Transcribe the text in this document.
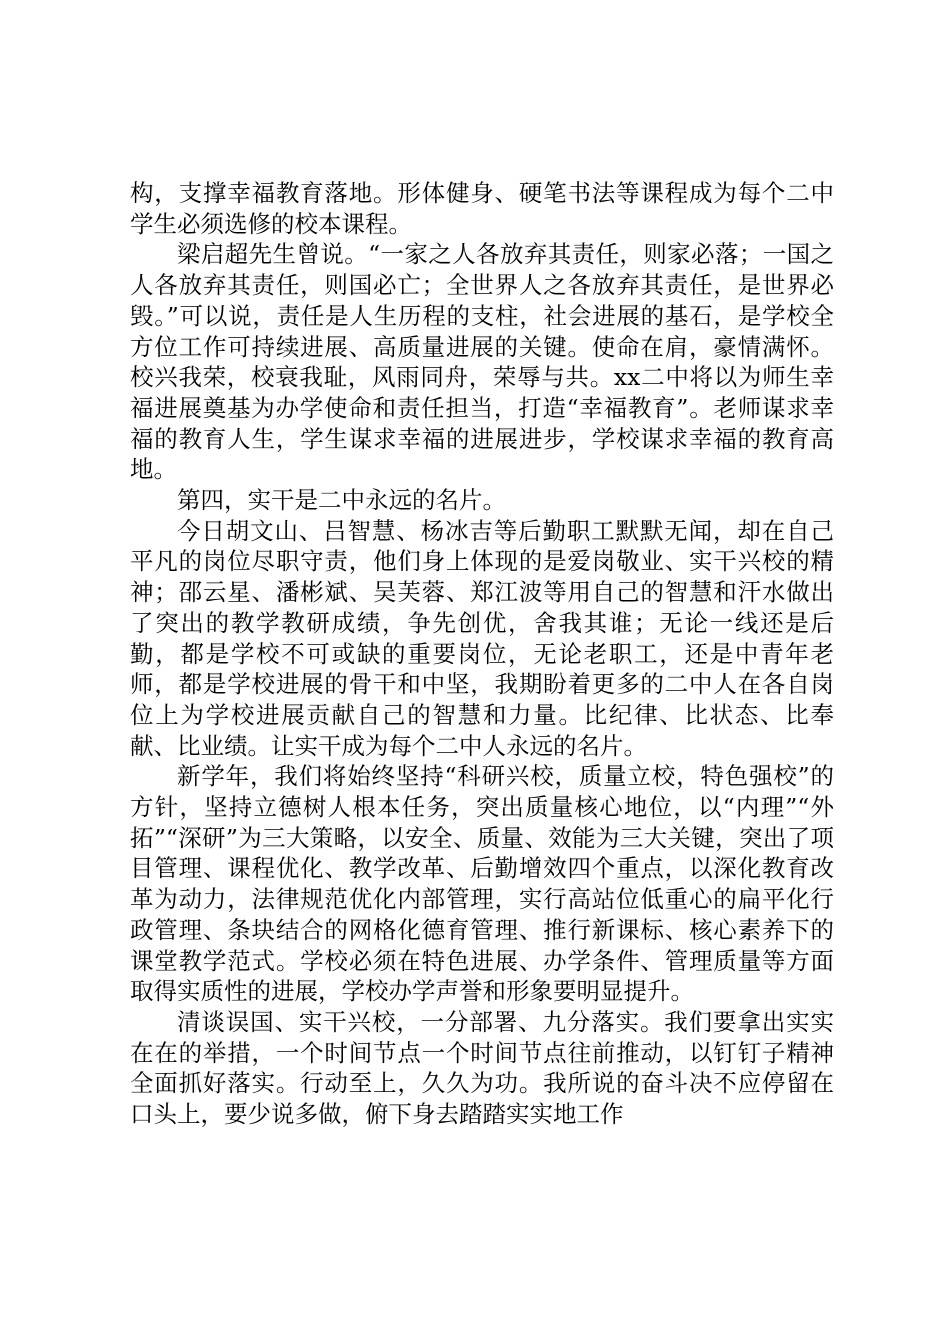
构，支撑幸福教育落地。形体健身、硬笔书法等课程成为每个二中学生必须选修的校本课程。

梁启超先生曾说。“一家之人各放弃其责任，则家必落；一国之人各放弃其责任，则国必亡；全世界人之各放弃其责任，是世界必毁。”可以说，责任是人生历程的支柱，社会进展的基石，是学校全方位工作可持续进展、高质量进展的关键。使命在肩，豪情满怀。校兴我荣，校衰我耻，风雨同舟，荣辱与共。xx二中将以为师生幸福进展奠基为办学使命和责任担当，打造“幸福教育”。老师谋求幸福的教育人生，学生谋求幸福的进展进步，学校谋求幸福的教育高地。

第四，实干是二中永远的名片。

今日胡文山、吕智慧、杨冰吉等后勤职工默默无闻，却在自己平凡的岗位尽职守责，他们身上体现的是爱岗敬业、实干兴校的精神；邵云星、潘彬斌、吴芙蓉、郑江波等用自己的智慧和汗水做出了突出的教学教研成绩，争先创优，舍我其谁；无论一线还是后勤，都是学校不可或缺的重要岗位，无论老职工，还是中青年老师，都是学校进展的骨干和中坚，我期盼着更多的二中人在各自岗位上为学校进展贡献自己的智慧和力量。比纪律、比状态、比奉献、比业绩。让实干成为每个二中人永远的名片。

新学年，我们将始终坚持“科研兴校，质量立校，特色强校”的方针，坚持立德树人根本任务，突出质量核心地位，以“内理”“外拓”“深研”为三大策略，以安全、质量、效能为三大关键，突出了项目管理、课程优化、教学改革、后勤增效四个重点，以深化教育改革为动力，法律规范优化内部管理，实行高站位低重心的扁平化行政管理、条块结合的网格化德育管理、推行新课标、核心素养下的课堂教学范式。学校必须在特色进展、办学条件、管理质量等方面取得实质性的进展，学校办学声誉和形象要明显提升。

清谈误国、实干兴校，一分部署、九分落实。我们要拿出实实在在的举措，一个时间节点一个时间节点往前推动，以钉钉子精神全面抓好落实。行动至上，久久为功。我所说的奋斗决不应停留在口头上，要少说多做，俯下身去踏踏实实地工作
